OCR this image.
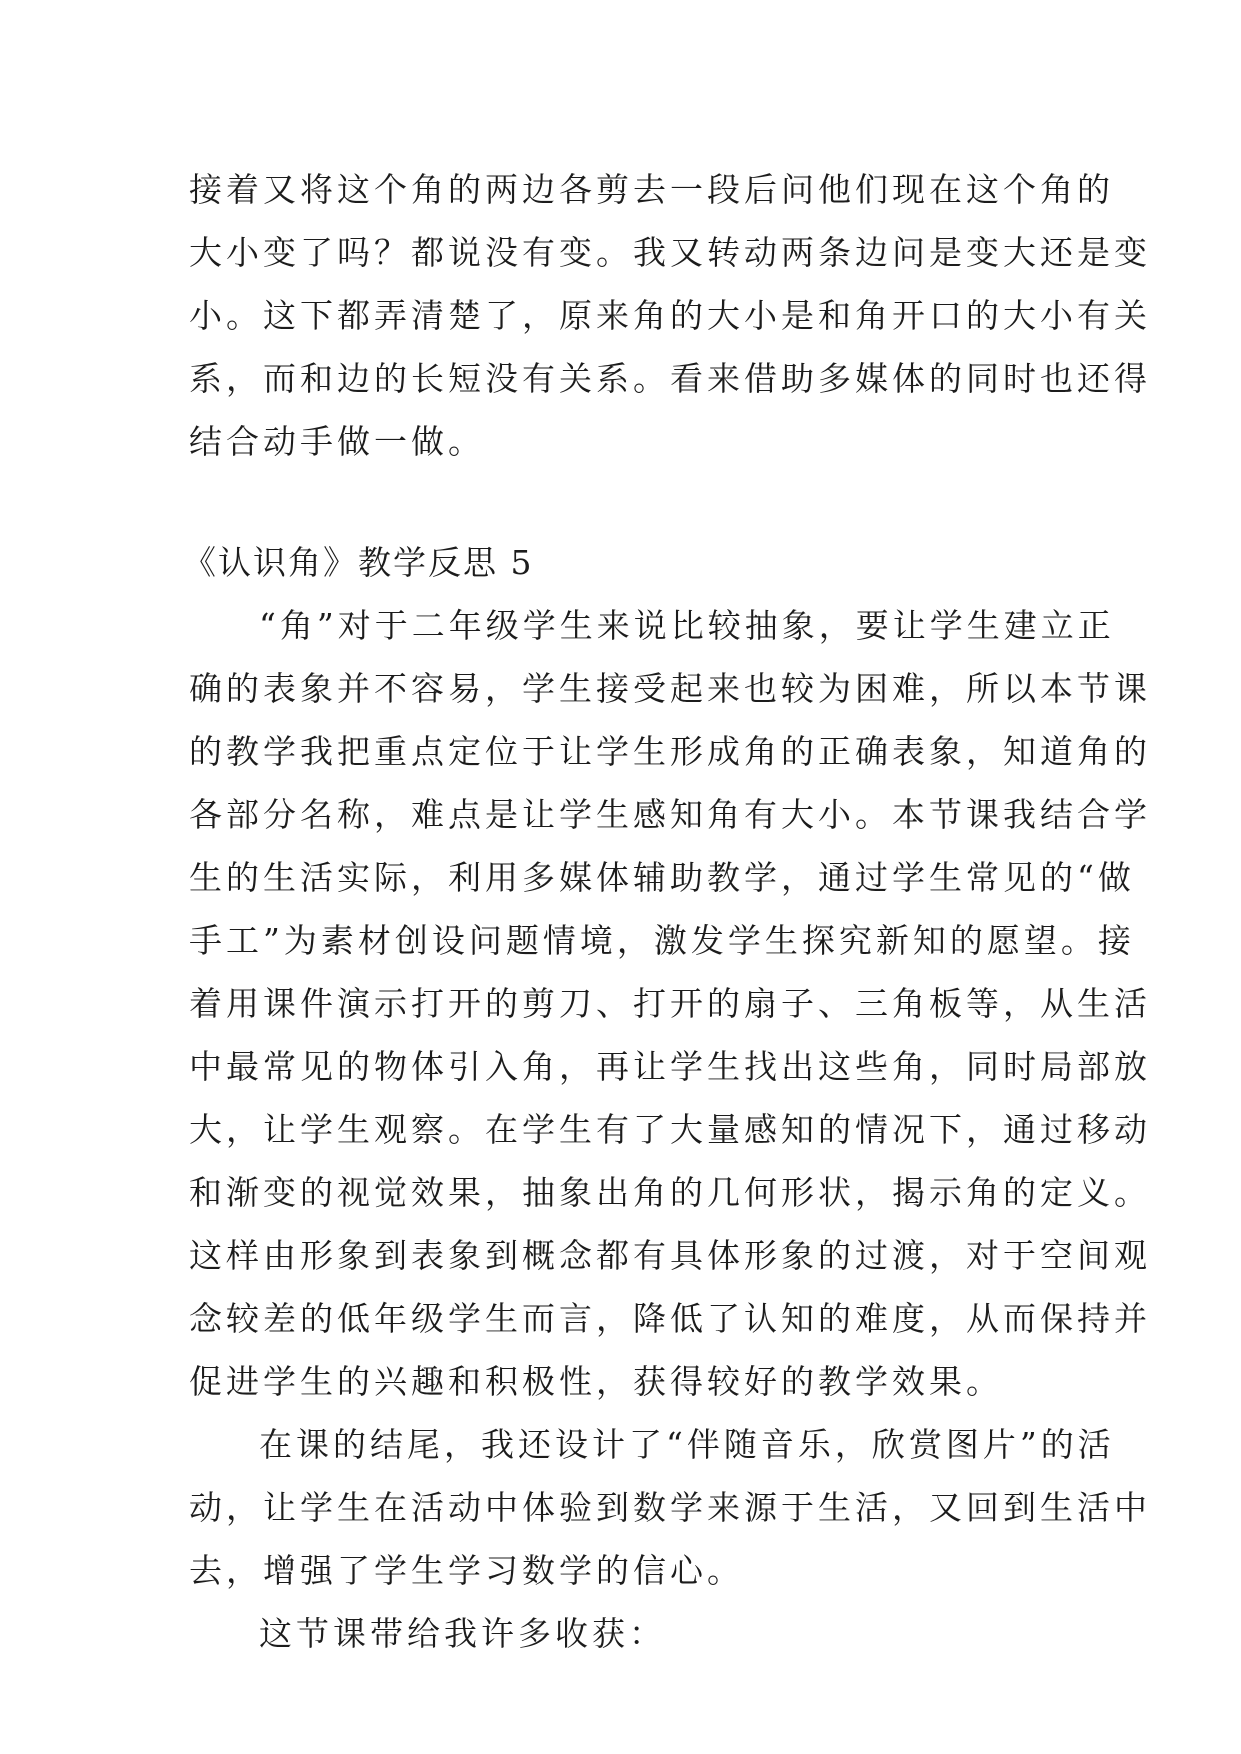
接着又将这个角的两边各剪去一段后问他们现在这个角的
大小变了吗？都说没有变。我又转动两条边问是变大还是变
小。这下都弄清楚了，原来角的大小是和角开口的大小有关
系，而和边的长短没有关系。看来借助多媒体的同时也还得
结合动手做一做。
《认识角》教学反思 5
“角”对于二年级学生来说比较抽象，要让学生建立正
确的表象并不容易，学生接受起来也较为困难，所以本节课
的教学我把重点定位于让学生形成角的正确表象，知道角的
各部分名称，难点是让学生感知角有大小。本节课我结合学
生的生活实际，利用多媒体辅助教学，通过学生常见的“做
手工”为素材创设问题情境，激发学生探究新知的愿望。接
着用课件演示打开的剪刀、打开的扇子、三角板等，从生活
中最常见的物体引入角，再让学生找出这些角，同时局部放
大，让学生观察。在学生有了大量感知的情况下，通过移动
和渐变的视觉效果，抽象出角的几何形状，揭示角的定义。
这样由形象到表象到概念都有具体形象的过渡，对于空间观
念较差的低年级学生而言，降低了认知的难度，从而保持并
促进学生的兴趣和积极性，获得较好的教学效果。
在课的结尾，我还设计了“伴随音乐，欣赏图片”的活
动，让学生在活动中体验到数学来源于生活，又回到生活中
去，增强了学生学习数学的信心。
这节课带给我许多收获：
